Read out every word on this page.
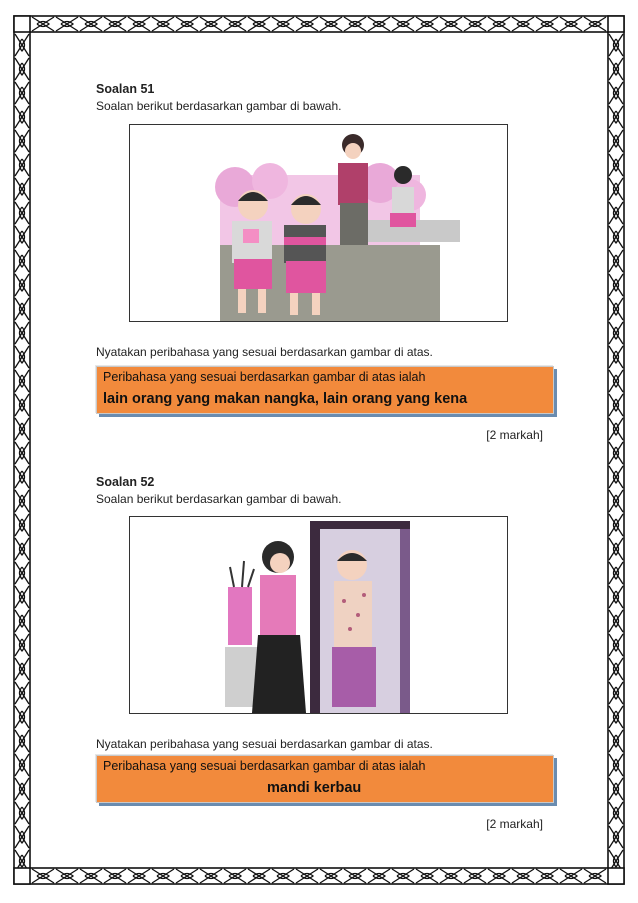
Soalan 51
Soalan berikut berdasarkan gambar di bawah.
Nyatakan peribahasa yang sesuai berdasarkan gambar di atas.
Peribahasa yang sesuai berdasarkan gambar di atas ialah
lain orang yang makan nangka, lain orang yang kena
[2 markah]
Soalan 52
Soalan berikut berdasarkan gambar di bawah.
Nyatakan peribahasa yang sesuai berdasarkan gambar di atas.
Peribahasa yang sesuai berdasarkan gambar di atas ialah
mandi kerbau
[2 markah]
